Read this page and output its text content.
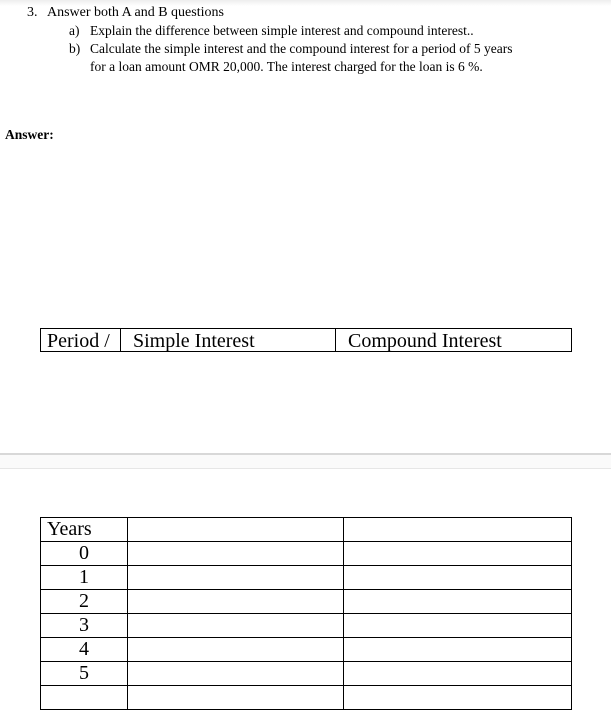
3. Answer both A and B questions
a) Explain the difference between simple interest and compound interest..
b) Calculate the simple interest and the compound interest for a period of 5 years
for a loan amount OMR 20,000. The interest charged for the loan is 6 %.
Answer:
Period /	Simple Interest	Compound Interest
Years		
0		
1		
2		
3		
4		
5		
